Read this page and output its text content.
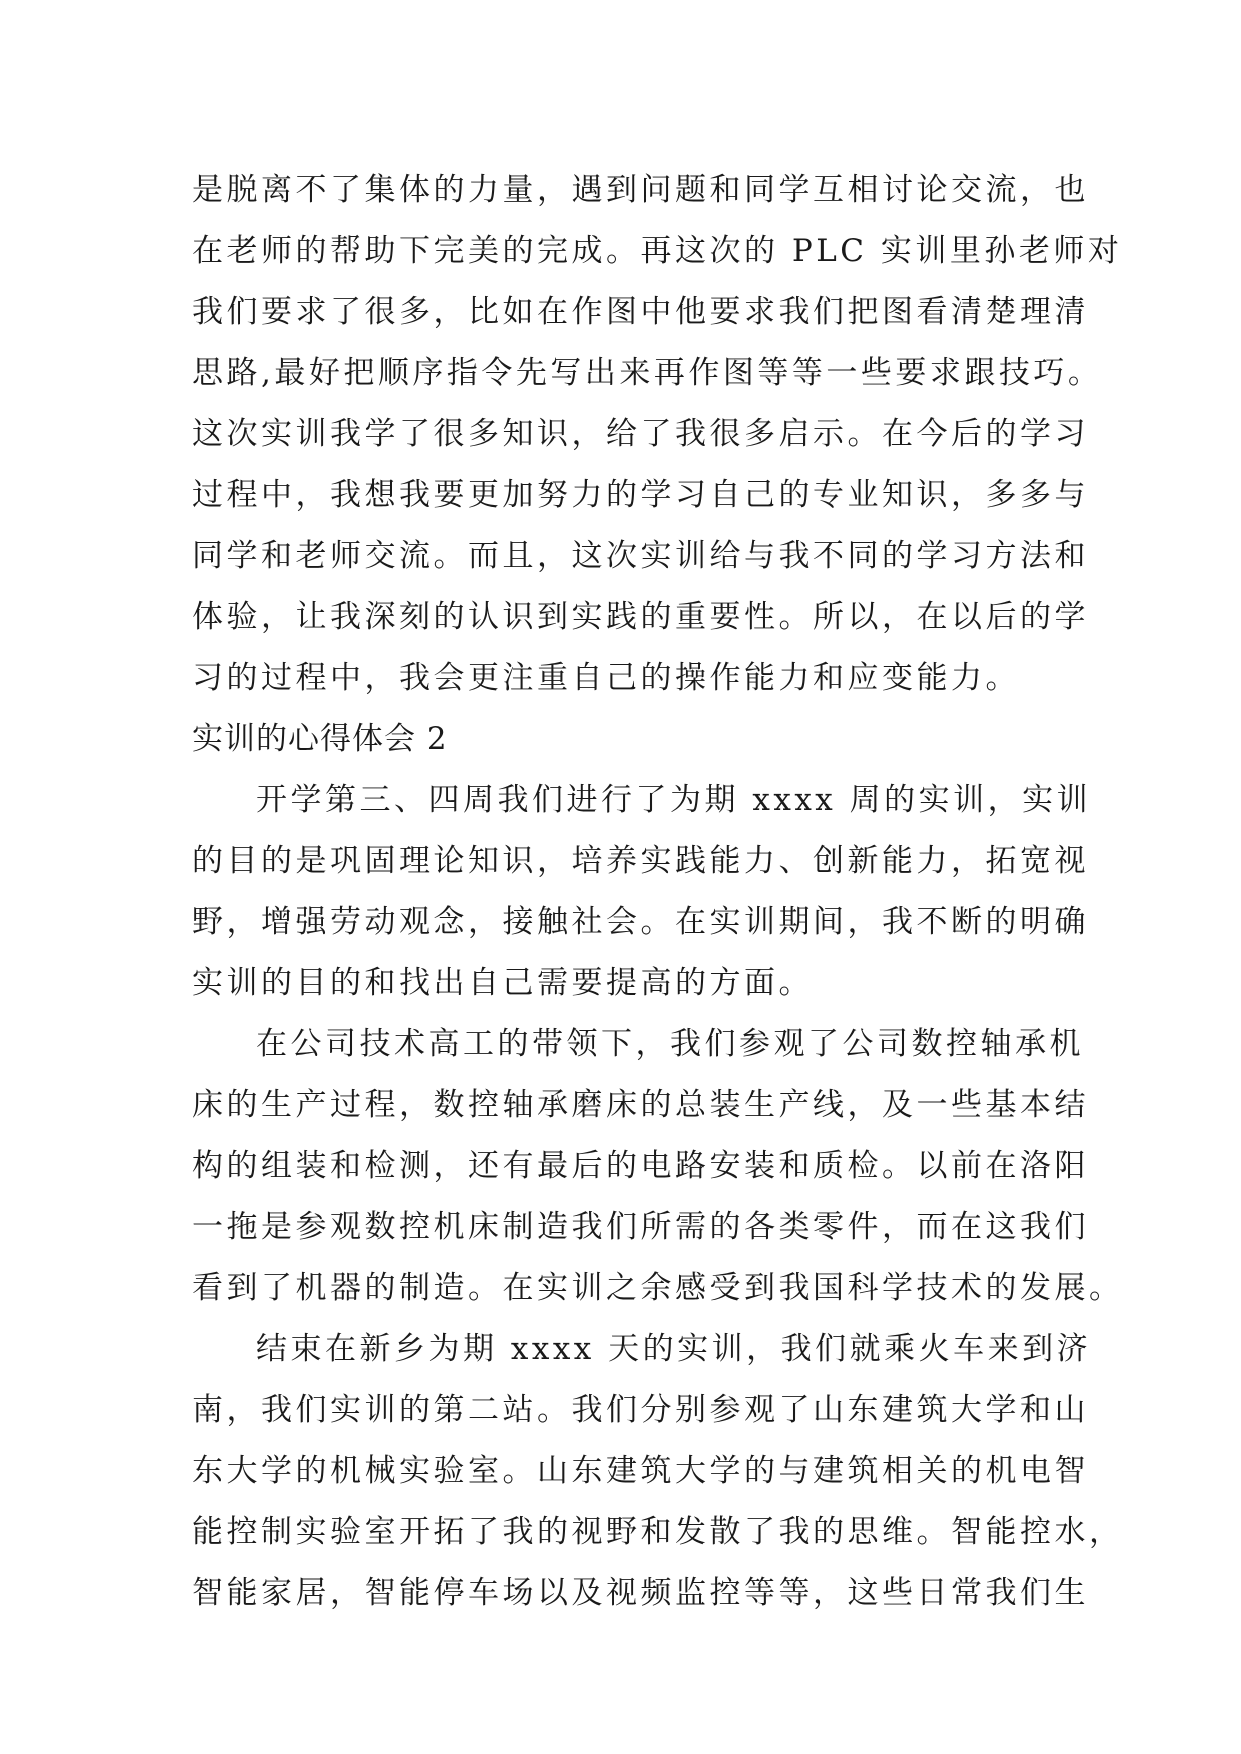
是脱离不了集体的力量，遇到问题和同学互相讨论交流，也
在老师的帮助下完美的完成。再这次的 PLC 实训里孙老师对
我们要求了很多，比如在作图中他要求我们把图看清楚理清
思路,最好把顺序指令先写出来再作图等等一些要求跟技巧。
这次实训我学了很多知识，给了我很多启示。在今后的学习
过程中，我想我要更加努力的学习自己的专业知识，多多与
同学和老师交流。而且，这次实训给与我不同的学习方法和
体验，让我深刻的认识到实践的重要性。所以，在以后的学
习的过程中，我会更注重自己的操作能力和应变能力。
实训的心得体会 2
开学第三、四周我们进行了为期 xxxx 周的实训，实训
的目的是巩固理论知识，培养实践能力、创新能力，拓宽视
野，增强劳动观念，接触社会。在实训期间，我不断的明确
实训的目的和找出自己需要提高的方面。
在公司技术高工的带领下，我们参观了公司数控轴承机
床的生产过程，数控轴承磨床的总装生产线，及一些基本结
构的组装和检测，还有最后的电路安装和质检。以前在洛阳
一拖是参观数控机床制造我们所需的各类零件，而在这我们
看到了机器的制造。在实训之余感受到我国科学技术的发展。
结束在新乡为期 xxxx 天的实训，我们就乘火车来到济
南，我们实训的第二站。我们分别参观了山东建筑大学和山
东大学的机械实验室。山东建筑大学的与建筑相关的机电智
能控制实验室开拓了我的视野和发散了我的思维。智能控水，
智能家居，智能停车场以及视频监控等等，这些日常我们生
